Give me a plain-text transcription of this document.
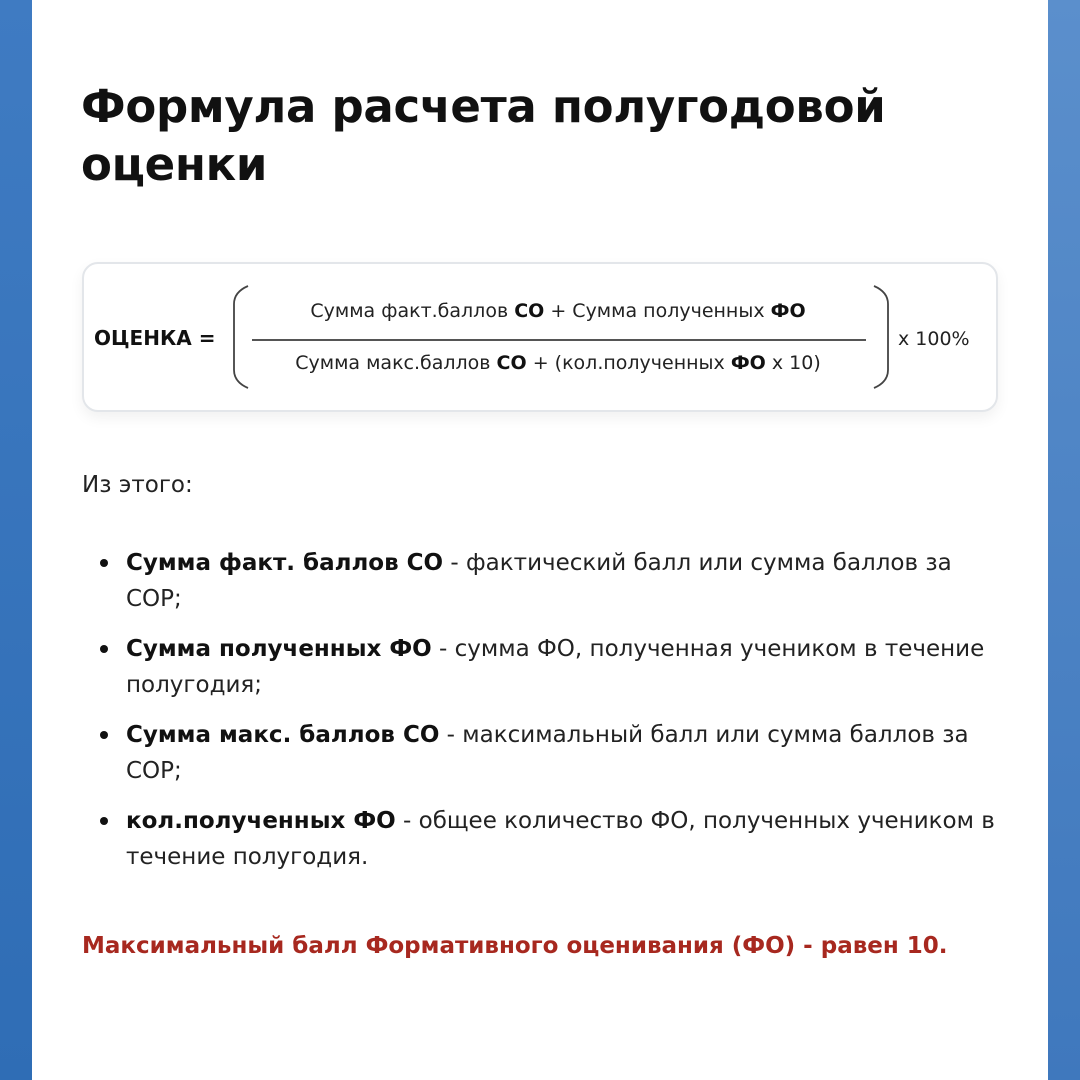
Формула расчета полугодовой оценки
ОЦЕНКА =
Сумма факт.баллов СО + Сумма полученных ФО
Сумма макс.баллов СО + (кол.полученных ФО x 10)
x 100%
Из этого:
Сумма факт. баллов СО - фактический балл или сумма баллов за СОР;
Сумма полученных ФО - сумма ФО, полученная учеником в течение полугодия;
Сумма макс. баллов СО - максимальный балл или сумма баллов за СОР;
кол.полученных ФО - общее количество ФО, полученных учеником в течение полугодия.
Максимальный балл Формативного оценивания (ФО) - равен 10.
